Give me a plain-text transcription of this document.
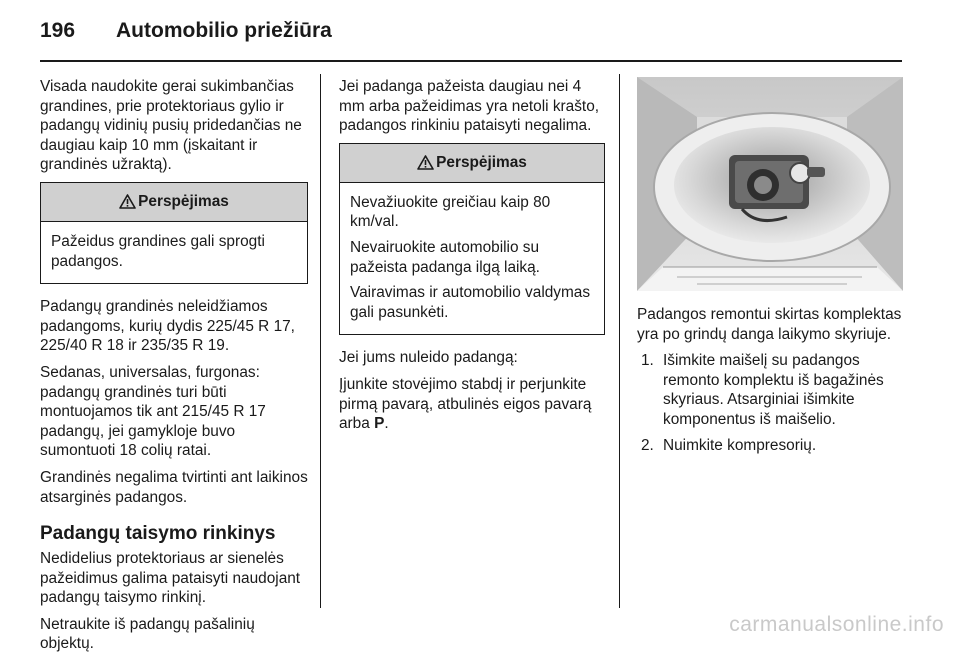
196 Automobilio priežiūra

Visada naudokite gerai sukimbančias grandines, prie protektoriaus gylio ir padangų vidinių pusių pridedančias ne daugiau kaip 10 mm (įskaitant ir grandinės užraktą).

Perspėjimas

Pažeidus grandines gali sprogti padangos.

Padangų grandinės neleidžiamos padangoms, kurių dydis 225/45 R 17, 225/40 R 18 ir 235/35 R 19.

Sedanas, universalas, furgonas: padangų grandinės turi būti montuojamos tik ant 215/45 R 17 padangų, jei gamykloje buvo sumontuoti 18 colių ratai.

Grandinės negalima tvirtinti ant laikinos atsarginės padangos.

Padangų taisymo rinkinys

Nedidelius protektoriaus ar sienelės pažeidimus galima pataisyti naudojant padangų taisymo rinkinį.

Netraukite iš padangų pašalinių objektų.

Jei padanga pažeista daugiau nei 4 mm arba pažeidimas yra netoli krašto, padangos rinkiniu pataisyti negalima.

Perspėjimas

Nevažiuokite greičiau kaip 80 km/val.

Nevairuokite automobilio su pažeista padanga ilgą laiką.

Vairavimas ir automobilio valdymas gali pasunkėti.

Jei jums nuleido padangą:

Įjunkite stovėjimo stabdį ir perjunkite pirmą pavarą, atbulinės eigos pavarą arba P.

Padangos remontui skirtas komplektas yra po grindų danga laikymo skyriuje.

1. Išimkite maišelį su padangos remonto komplektu iš bagažinės skyriaus. Atsarginiai išimkite komponentus iš maišelio.
2. Nuimkite kompresorių.
carmanualsonline.info
